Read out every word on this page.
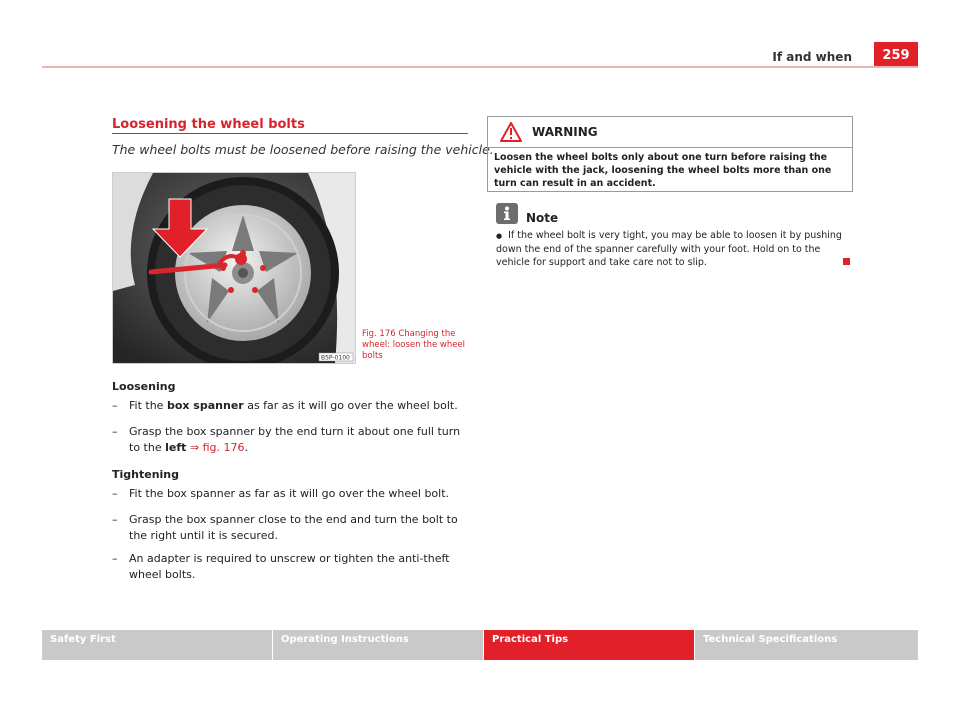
If and when	259
Loosening the wheel bolts
The wheel bolts must be loosened before raising the vehicle.
B5P-0100
Fig. 176 Changing the wheel: loosen the wheel bolts
Loosening
– Fit the box spanner as far as it will go over the wheel bolt.
– Grasp the box spanner by the end turn it about one full turn to the left ⇒ fig. 176.
Tightening
– Fit the box spanner as far as it will go over the wheel bolt.
– Grasp the box spanner close to the end and turn the bolt to the right until it is secured.
– An adapter is required to unscrew or tighten the anti-theft wheel bolts.
WARNING
Loosen the wheel bolts only about one turn before raising the vehicle with the jack, loosening the wheel bolts more than one turn can result in an accident.
Note
● If the wheel bolt is very tight, you may be able to loosen it by pushing down the end of the spanner carefully with your foot. Hold on to the vehicle for support and take care not to slip.
Safety First	Operating Instructions	Practical Tips	Technical Specifications
